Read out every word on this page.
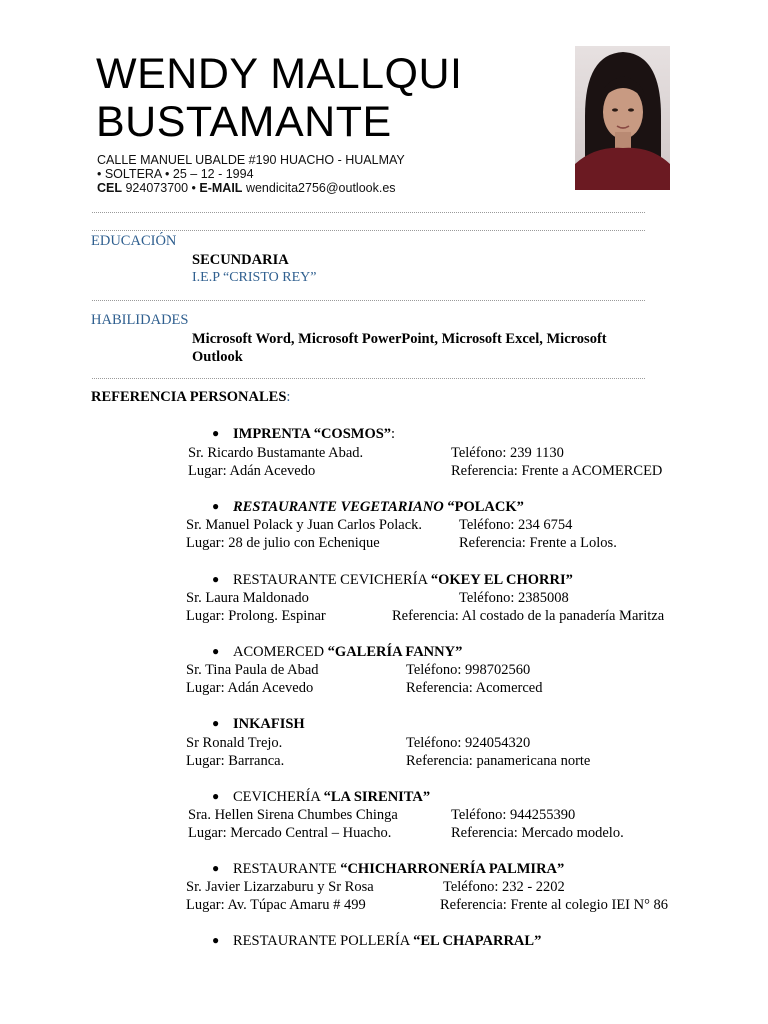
WENDY MALLQUI
BUSTAMANTE
CALLE MANUEL UBALDE #190 HUACHO - HUALMAY
• SOLTERA • 25 – 12 - 1994
CEL 924073700 • E-MAIL wendicita2756@outlook.es
EDUCACIÓN
SECUNDARIA
I.E.P “CRISTO REY”
HABILIDADES
Microsoft Word, Microsoft PowerPoint, Microsoft Excel, Microsoft
Outlook
REFERENCIA PERSONALES:
● IMPRENTA “COSMOS”:
Sr. Ricardo Bustamante Abad.	Teléfono: 239 1130
Lugar: Adán Acevedo	Referencia: Frente a ACOMERCED
● RESTAURANTE VEGETARIANO “POLACK”
Sr. Manuel Polack y Juan Carlos Polack.	Teléfono: 234 6754
Lugar: 28 de julio con Echenique	Referencia: Frente a Lolos.
● RESTAURANTE CEVICHERÍA “OKEY EL CHORRI”
Sr. Laura Maldonado	Teléfono: 2385008
Lugar: Prolong. Espinar	Referencia: Al costado de la panadería Maritza
● ACOMERCED “GALERÍA FANNY”
Sr. Tina Paula de Abad	Teléfono: 998702560
Lugar: Adán Acevedo	Referencia: Acomerced
● INKAFISH
Sr Ronald Trejo.	Teléfono: 924054320
Lugar: Barranca.	Referencia: panamericana norte
● CEVICHERÍA “LA SIRENITA”
Sra. Hellen Sirena Chumbes Chinga	Teléfono: 944255390
Lugar: Mercado Central – Huacho.	Referencia: Mercado modelo.
● RESTAURANTE “CHICHARRONERÍA PALMIRA”
Sr. Javier Lizarzaburu y Sr Rosa	Teléfono: 232 - 2202
Lugar: Av. Túpac Amaru # 499	Referencia: Frente al colegio IEI N° 86
● RESTAURANTE POLLERÍA “EL CHAPARRAL”
